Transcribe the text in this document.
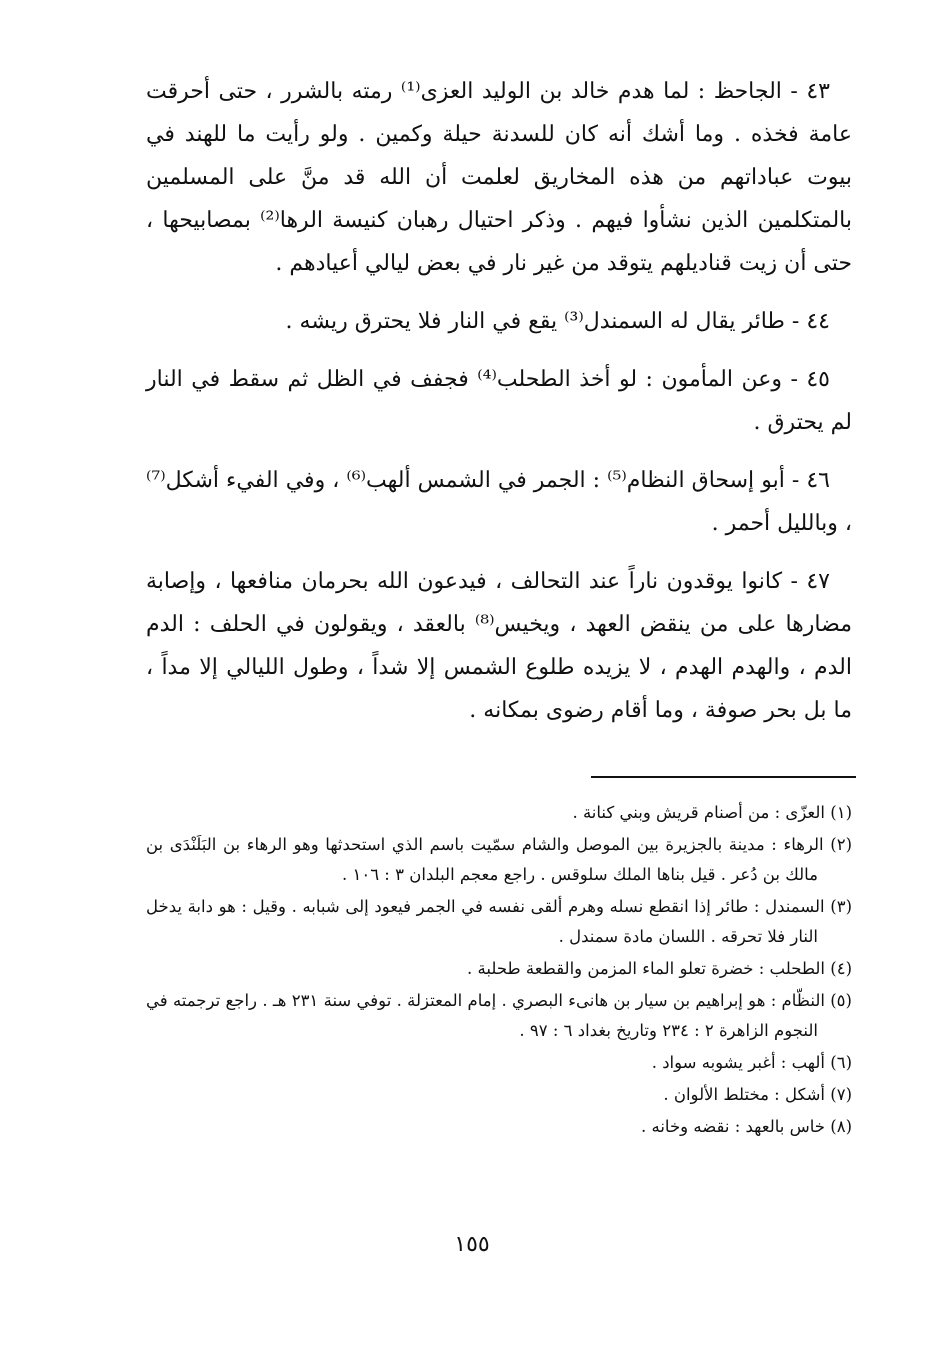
٤٣ - الجاحظ : لما هدم خالد بن الوليد العزى⁽¹⁾ رمته بالشرر ، حتى أحرقت عامة فخذه . وما أشك أنه كان للسدنة حيلة وكمين . ولو رأيت ما للهند في بيوت عباداتهم من هذه المخاريق لعلمت أن الله قد منَّ على المسلمين بالمتكلمين الذين نشأوا فيهم . وذكر احتيال رهبان كنيسة الرها⁽²⁾ بمصابيحها ، حتى أن زيت قناديلهم يتوقد من غير نار في بعض ليالي أعيادهم .

٤٤ - طائر يقال له السمندل⁽³⁾ يقع في النار فلا يحترق ريشه .

٤٥ - وعن المأمون : لو أخذ الطحلب⁽⁴⁾ فجفف في الظل ثم سقط في النار لم يحترق .

٤٦ - أبو إسحاق النظام⁽⁵⁾ : الجمر في الشمس ألهب⁽⁶⁾ ، وفي الفيء أشكل⁽⁷⁾ ، وبالليل أحمر .

٤٧ - كانوا يوقدون ناراً عند التحالف ، فيدعون الله بحرمان منافعها ، وإصابة مضارها على من ينقض العهد ، ويخيس⁽⁸⁾ بالعقد ، ويقولون في الحلف : الدم الدم ، والهدم الهدم ، لا يزيده طلوع الشمس إلا شداً ، وطول الليالي إلا مداً ، ما بل بحر صوفة ، وما أقام رضوى بمكانه .

(١) العزّى : من أصنام قريش وبني كنانة .

(٢) الرهاء : مدينة بالجزيرة بين الموصل والشام سمّيت باسم الذي استحدثها وهو الرهاء بن البَلَنْدَى بن مالك بن دُعر . قيل بناها الملك سلوقس . راجع معجم البلدان ٣ : ١٠٦ .

(٣) السمندل : طائر إذا انقطع نسله وهرم ألقى نفسه في الجمر فيعود إلى شبابه . وقيل : هو دابة يدخل النار فلا تحرقه . اللسان مادة سمندل .

(٤) الطحلب : خضرة تعلو الماء المزمن والقطعة طحلبة .

(٥) النظّام : هو إبراهيم بن سيار بن هانىء البصري . إمام المعتزلة . توفي سنة ٢٣١ هـ . راجع ترجمته في النجوم الزاهرة ٢ : ٢٣٤ وتاريخ بغداد ٦ : ٩٧ .

(٦) ألهب : أغبر يشوبه سواد .

(٧) أشكل : مختلط الألوان .

(٨) خاس بالعهد : نقضه وخانه .

١٥٥
